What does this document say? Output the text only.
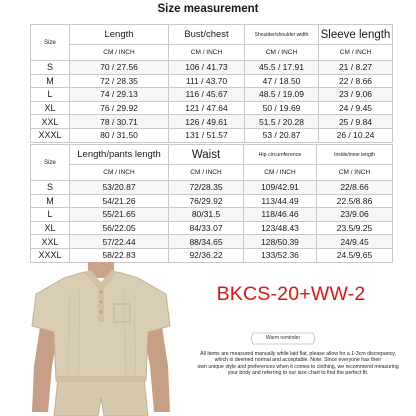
Size measurement
Size	Length	Bust/chest	Shoulder/shoulder width	Sleeve length
	CM / INCH	CM / INCH	CM / INCH	CM / INCH
S	70 / 27.56	106 / 41.73	45.5 / 17.91	21 / 8.27
M	72 / 28.35	111 / 43.70	47 / 18.50	22 / 8.66
L	74 / 29.13	116 / 45.67	48.5 / 19.09	23 / 9.06
XL	76 / 29.92	121 / 47.64	50 / 19.69	24 / 9.45
XXL	78 / 30.71	126 / 49.61	51.5 / 20.28	25 / 9.84
XXXL	80 / 31.50	131 / 51.57	53 / 20.87	26 / 10.24
Size	Length/pants length	Waist	Hip circumference	Inside/inner length
	CM / INCH	CM / INCH	CM / INCH	CM / INCH
S	53/20.87	72/28.35	109/42.91	22/8.66
M	54/21.26	76/29.92	113/44.49	22.5/8.86
L	55/21.65	80/31.5	118/46.46	23/9.06
XL	56/22.05	84/33.07	123/48.43	23.5/9.25
XXL	57/22.44	88/34.65	128/50.39	24/9.45
XXXL	58/22.83	92/36.22	133/52.36	24.5/9.65
BKCS-20+WW-2
Warm reminder
All items are measured manually while laid flat, please allow for a 1-3cm discrepancy,
which is deemed normal and acceptable. Note: Since everyone has their
own unique style and preferences when it comes to clothing, we recommend measuring
your body and referring to our size chart to find the perfect fit.
